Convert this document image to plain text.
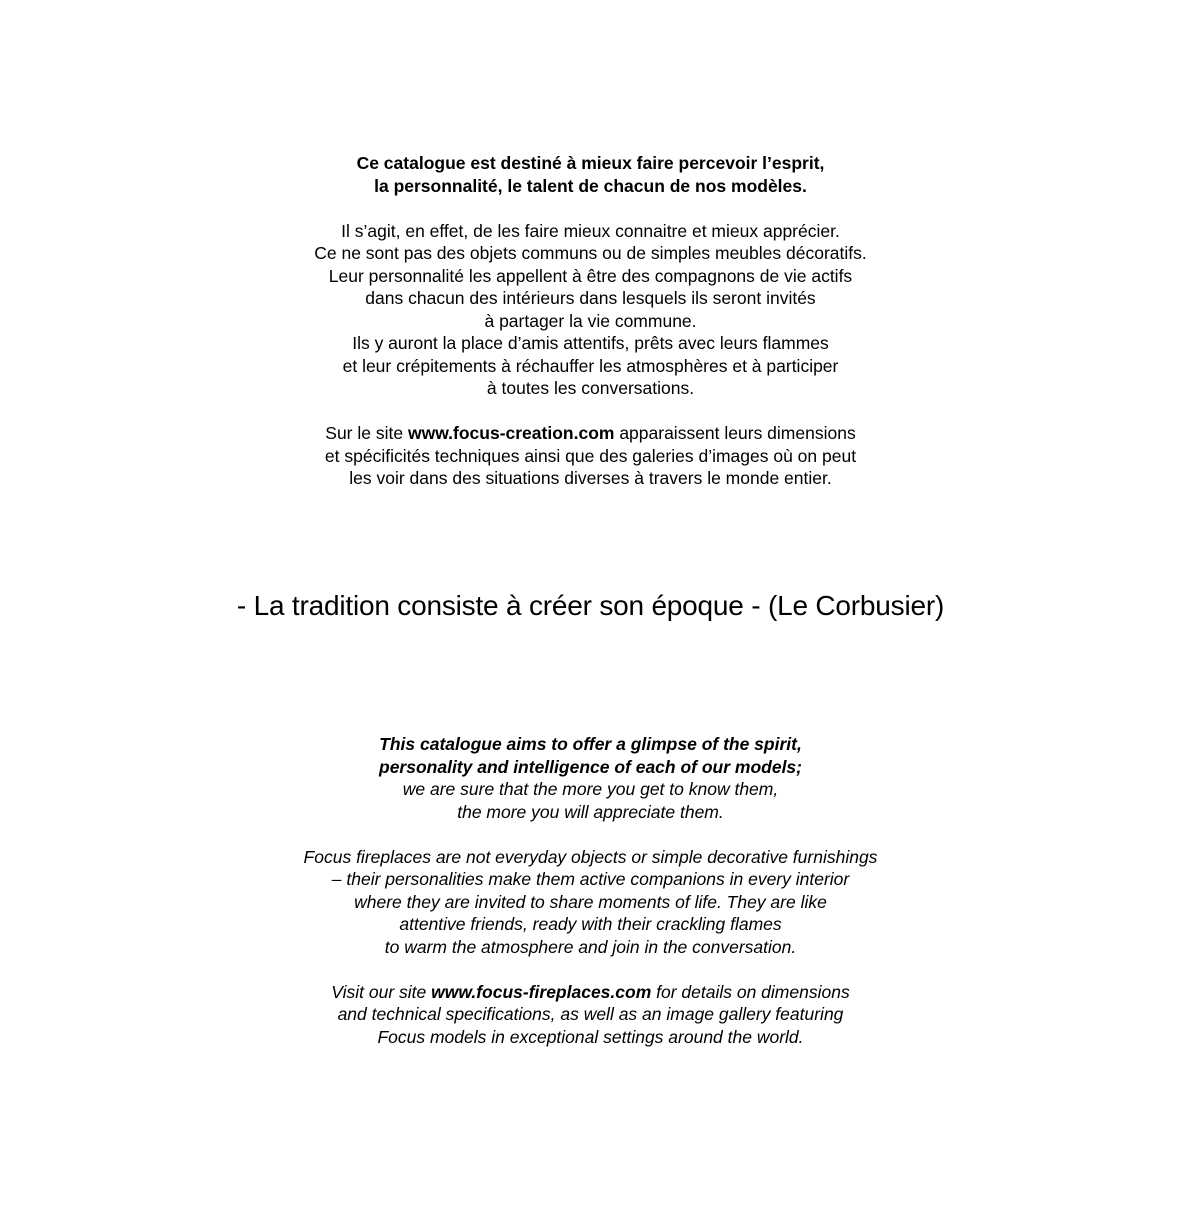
Ce catalogue est destiné à mieux faire percevoir l’esprit,
la personnalité, le talent de chacun de nos modèles.
Il s’agit, en effet, de les faire mieux connaitre et mieux apprécier.
Ce ne sont pas des objets communs ou de simples meubles décoratifs.
Leur personnalité les appellent à être des compagnons de vie actifs
dans chacun des intérieurs dans lesquels ils seront invités
à partager la vie commune.
Ils y auront la place d’amis attentifs, prêts avec leurs flammes
et leur crépitements à réchauffer les atmosphères et à participer
à toutes les conversations.
Sur le site www.focus-creation.com apparaissent leurs dimensions
et spécificités techniques ainsi que des galeries d’images où on peut
les voir dans des situations diverses à travers le monde entier.
- La tradition consiste à créer son époque - (Le Corbusier)
This catalogue aims to offer a glimpse of the spirit,
personality and intelligence of each of our models;
we are sure that the more you get to know them,
the more you will appreciate them.
Focus fireplaces are not everyday objects or simple decorative furnishings
– their personalities make them active companions in every interior
where they are invited to share moments of life. They are like
attentive friends, ready with their crackling flames
to warm the atmosphere and join in the conversation.
Visit our site www.focus-fireplaces.com for details on dimensions
and technical specifications, as well as an image gallery featuring
Focus models in exceptional settings around the world.
